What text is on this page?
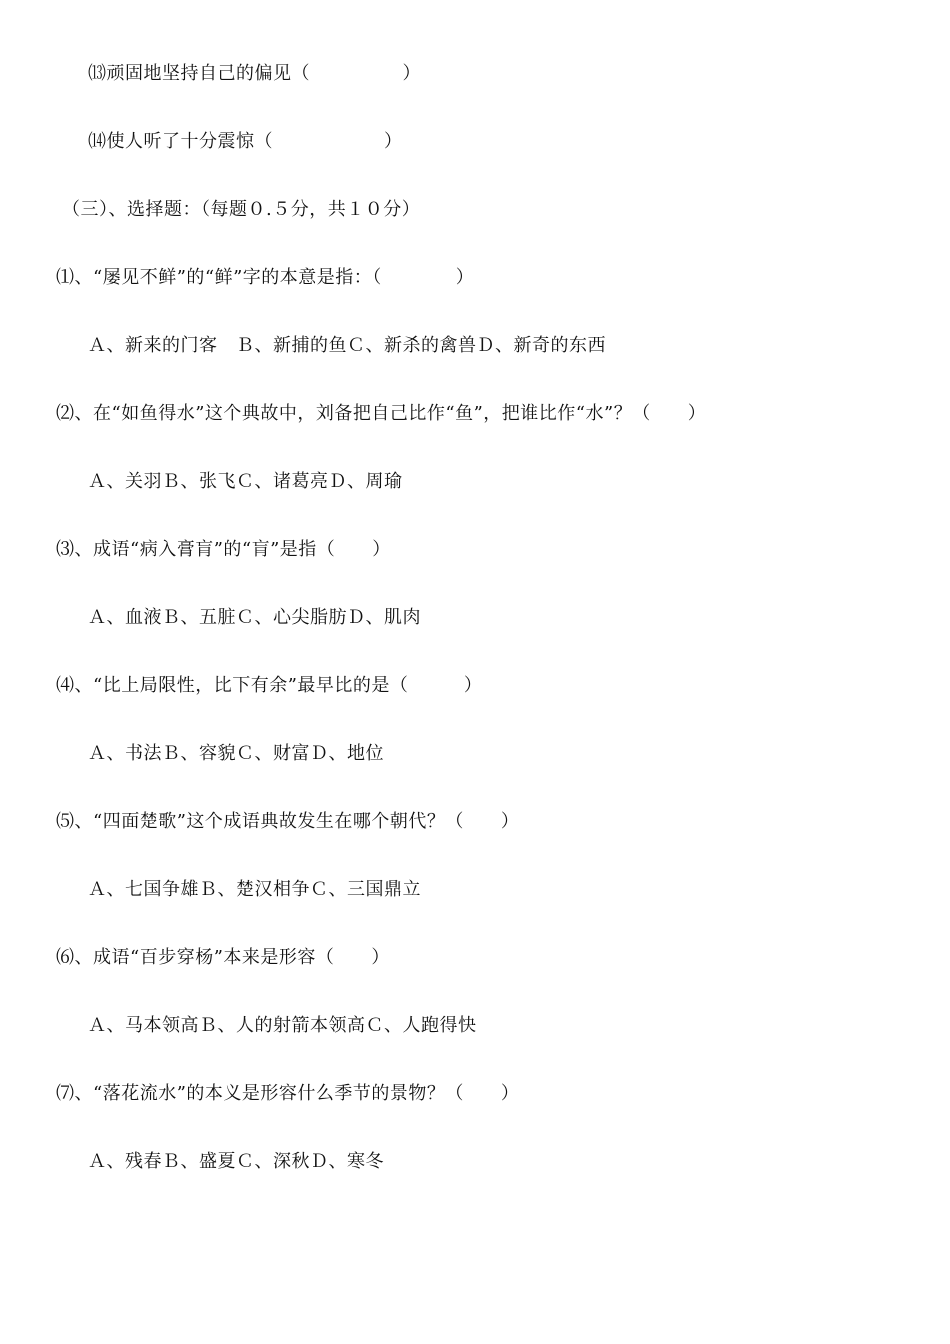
⒀顽固地坚持自己的偏见（　　　　　）
⒁使人听了十分震惊（　　　　　　）
（三）、选择题：（每题０.５分，共１０分）
⑴、“屡见不鲜”的“鲜”字的本意是指：（　　　　）
Ａ、新来的门客　Ｂ、新捕的鱼Ｃ、新杀的禽兽Ｄ、新奇的东西
⑵、在“如鱼得水”这个典故中，刘备把自己比作“鱼”，把谁比作“水”？（　　）
Ａ、关羽Ｂ、张飞Ｃ、诸葛亮Ｄ、周瑜
⑶、成语“病入膏肓”的“肓”是指（　　）
Ａ、血液Ｂ、五脏Ｃ、心尖脂肪Ｄ、肌肉
⑷、“比上局限性，比下有余”最早比的是（　　　）
Ａ、书法Ｂ、容貌Ｃ、财富Ｄ、地位
⑸、“四面楚歌”这个成语典故发生在哪个朝代？（　　）
Ａ、七国争雄Ｂ、楚汉相争Ｃ、三国鼎立
⑹、成语“百步穿杨”本来是形容（　　）
Ａ、马本领高Ｂ、人的射箭本领高Ｃ、人跑得快
⑺、“落花流水”的本义是形容什么季节的景物？（　　）
Ａ、残春Ｂ、盛夏Ｃ、深秋Ｄ、寒冬
